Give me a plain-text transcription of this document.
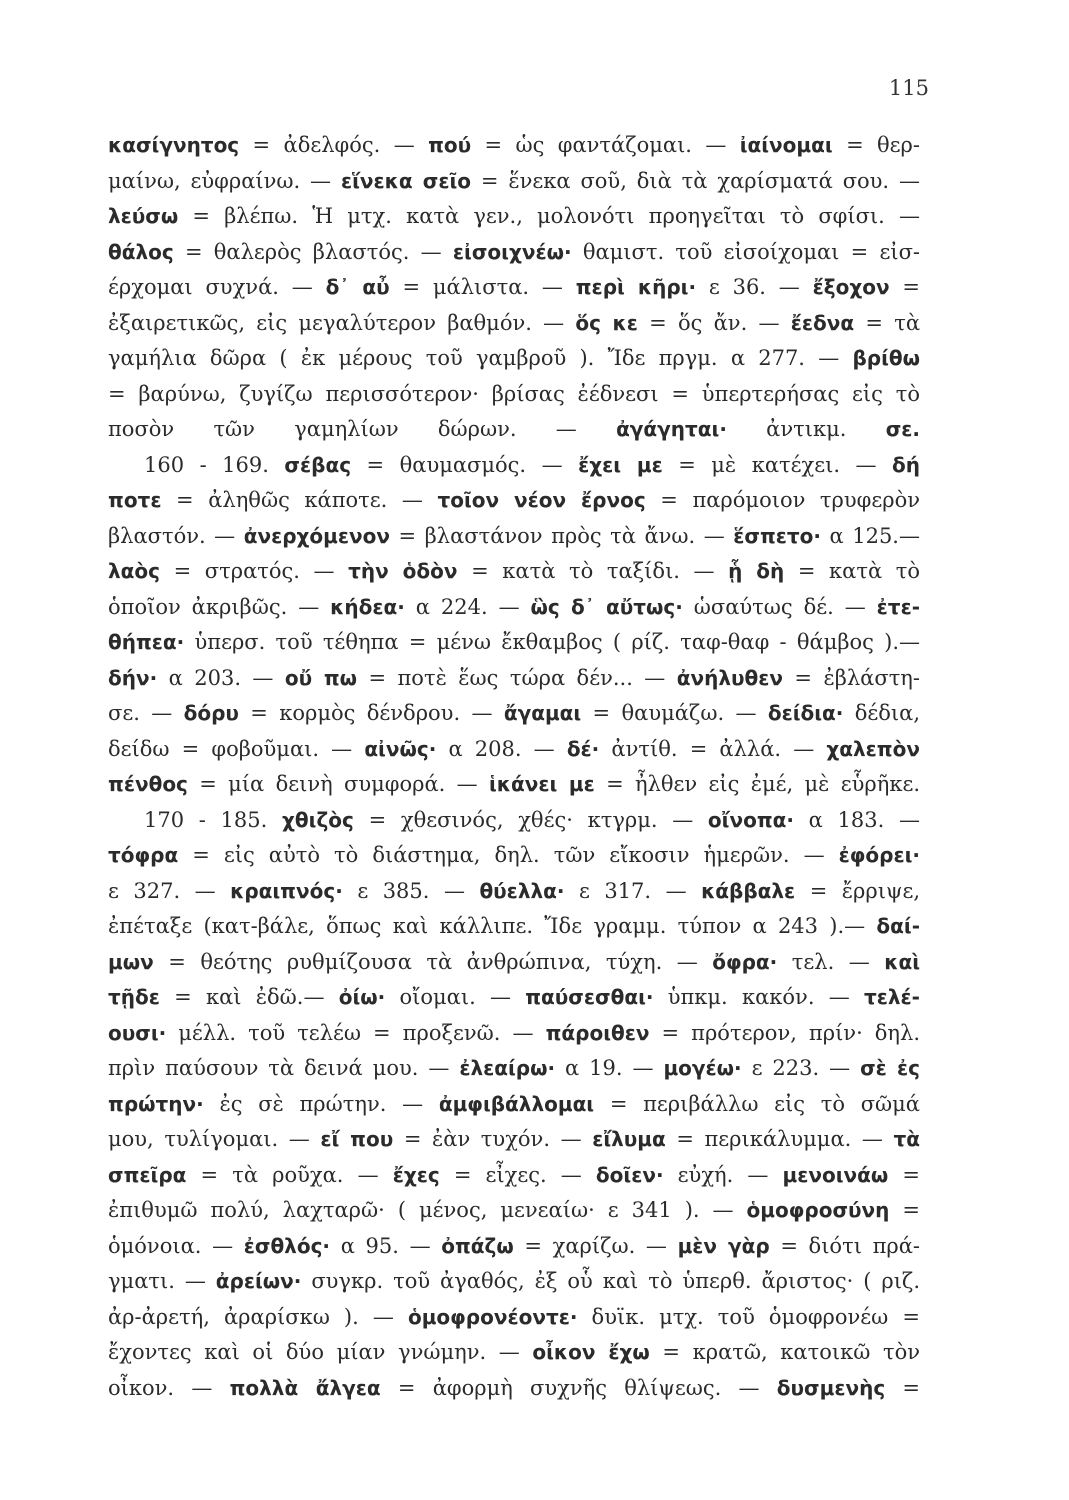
115
κασίγνητος = ἀδελφός. — πού = ὡς φαντάζομαι. — ἰαίνομαι = θερ-
μαίνω, εὐφραίνω. — εἵνεκα σεῖο = ἕνεκα σοῦ, διὰ τὰ χαρίσματά σου. —
λεύσω = βλέπω. Ἡ μτχ. κατὰ γεν., μολονότι προηγεῖται τὸ σφίσι. —
θάλος = θαλερὸς βλαστός. — εἰσοιχνέω· θαμιστ. τοῦ εἰσοίχομαι = εἰσ-
έρχομαι συχνά. — δ᾽ αὖ = μάλιστα. — περὶ κῆρι· ε 36. — ἔξοχον =
ἐξαιρετικῶς, εἰς μεγαλύτερον βαθμόν. — ὅς κε = ὅς ἄν. — ἔεδνα = τὰ
γαμήλια δῶρα ( ἐκ μέρους τοῦ γαμβροῦ ). Ἴδε πργμ. α 277. — βρίθω
= βαρύνω, ζυγίζω περισσότερον· βρίσας ἐέδνεσι = ὑπερτερήσας εἰς τὸ
ποσὸν τῶν γαμηλίων δώρων. — ἀγάγηται· ἀντικμ. σε.
160 - 169. σέβας = θαυμασμός. — ἔχει με = μὲ κατέχει. — δή
ποτε = ἀληθῶς κάποτε. — τοῖον νέον ἔρνος = παρόμοιον τρυφερὸν
βλαστόν. — ἀνερχόμενον = βλαστάνον πρὸς τὰ ἄνω. — ἕσπετο· α 125.—
λαὸς = στρατός. — τὴν ὁδὸν = κατὰ τὸ ταξίδι. — ᾗ δὴ = κατὰ τὸ
ὁποῖον ἀκριβῶς. — κήδεα· α 224. — ὣς δ᾽ αὔτως· ὡσαύτως δέ. — ἐτε-
θήπεα· ὑπερσ. τοῦ τέθηπα = μένω ἔκθαμβος ( ρίζ. ταφ-θαφ - θάμβος ).—
δήν· α 203. — οὔ πω = ποτὲ ἕως τώρα δέν... — ἀνήλυθεν = ἐβλάστη-
σε. — δόρυ = κορμὸς δένδρου. — ἄγαμαι = θαυμάζω. — δείδια· δέδια,
δείδω = φοβοῦμαι. — αἰνῶς· α 208. — δέ· ἀντίθ. = ἀλλά. — χαλεπὸν
πένθος = μία δεινὴ συμφορά. — ἱκάνει με = ἦλθεν εἰς ἐμέ, μὲ εὗρῆκε.
170 - 185. χθιζὸς = χθεσινός, χθές· κτγρμ. — οἴνοπα· α 183. —
τόφρα = εἰς αὐτὸ τὸ διάστημα, δηλ. τῶν εἴκοσιν ἡμερῶν. — ἐφόρει·
ε 327. — κραιπνός· ε 385. — θύελλα· ε 317. — κάββαλε = ἔρριψε,
ἐπέταξε (κατ-βάλε, ὅπως καὶ κάλλιπε. Ἴδε γραμμ. τύπον α 243 ).— δαί-
μων = θεότης ρυθμίζουσα τὰ ἀνθρώπινα, τύχη. — ὄφρα· τελ. — καὶ
τῇδε = καὶ ἐδῶ.— ὀίω· οἴομαι. — παύσεσθαι· ὑπκμ. κακόν. — τελέ-
ουσι· μέλλ. τοῦ τελέω = προξενῶ. — πάροιθεν = πρότερον, πρίν· δηλ.
πρὶν παύσουν τὰ δεινά μου. — ἐλεαίρω· α 19. — μογέω· ε 223. — σὲ ἐς
πρώτην· ἐς σὲ πρώτην. — ἀμφιβάλλομαι = περιβάλλω εἰς τὸ σῶμά
μου, τυλίγομαι. — εἴ που = ἐὰν τυχόν. — εἴλυμα = περικάλυμμα. — τὰ
σπεῖρα = τὰ ροῦχα. — ἔχες = εἶχες. — δοῖεν· εὐχή. — μενοινάω =
ἐπιθυμῶ πολύ, λαχταρῶ· ( μένος, μενεαίω· ε 341 ). — ὁμοφροσύνη =
ὁμόνοια. — ἐσθλός· α 95. — ὀπάζω = χαρίζω. — μὲν γὰρ = διότι πρά-
γματι. — ἀρείων· συγκρ. τοῦ ἀγαθός, ἐξ οὗ καὶ τὸ ὑπερθ. ἄριστος· ( ριζ.
ἀρ-ἀρετή, ἀραρίσκω ). — ὁμοφρονέοντε· δυϊκ. μτχ. τοῦ ὁμοφρονέω =
ἔχοντες καὶ οἱ δύο μίαν γνώμην. — οἶκον ἔχω = κρατῶ, κατοικῶ τὸν
οἶκον. — πολλὰ ἄλγεα = ἀφορμὴ συχνῆς θλίψεως. — δυσμενὴς =
